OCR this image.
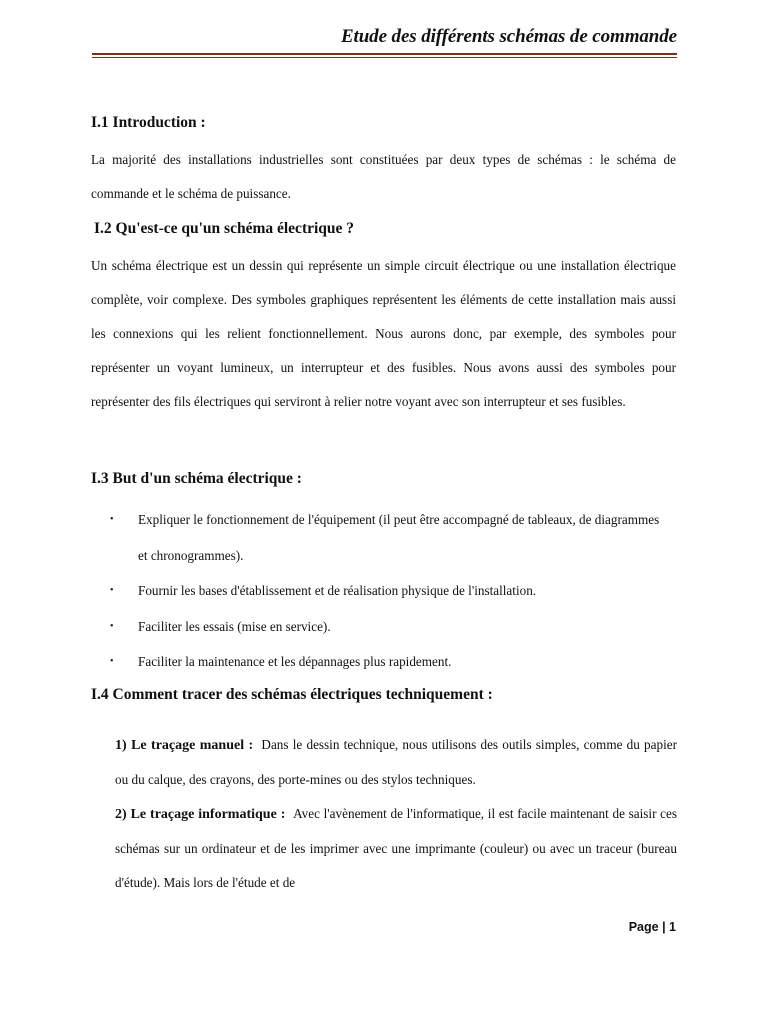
Etude des différents schémas de commande
I.1 Introduction :
La majorité des installations industrielles sont constituées par deux types de schémas : le schéma de commande et le schéma de puissance.
I.2 Qu'est-ce qu'un schéma électrique ?
Un schéma électrique est un dessin qui représente un simple circuit électrique ou une installation électrique complète, voir complexe. Des symboles graphiques représentent les éléments de cette installation mais aussi les connexions qui les relient fonctionnellement. Nous aurons donc, par exemple, des symboles pour représenter un voyant lumineux, un interrupteur et des fusibles. Nous avons aussi des symboles pour représenter des fils électriques qui serviront à relier notre voyant avec son interrupteur et ses fusibles.
I.3 But d'un schéma électrique :
• Expliquer le fonctionnement de l'équipement (il peut être accompagné de tableaux, de diagrammes et chronogrammes).
• Fournir les bases d'établissement et de réalisation physique de l'installation.
• Faciliter les essais (mise en service).
• Faciliter la maintenance et les dépannages plus rapidement.
I.4 Comment tracer des schémas électriques techniquement :
1) Le traçage manuel : Dans le dessin technique, nous utilisons des outils simples, comme du papier ou du calque, des crayons, des porte-mines ou des stylos techniques.
2) Le traçage informatique : Avec l'avènement de l'informatique, il est facile maintenant de saisir ces schémas sur un ordinateur et de les imprimer avec une imprimante (couleur) ou avec un traceur (bureau d'étude). Mais lors de l'étude et de
Page | 1
